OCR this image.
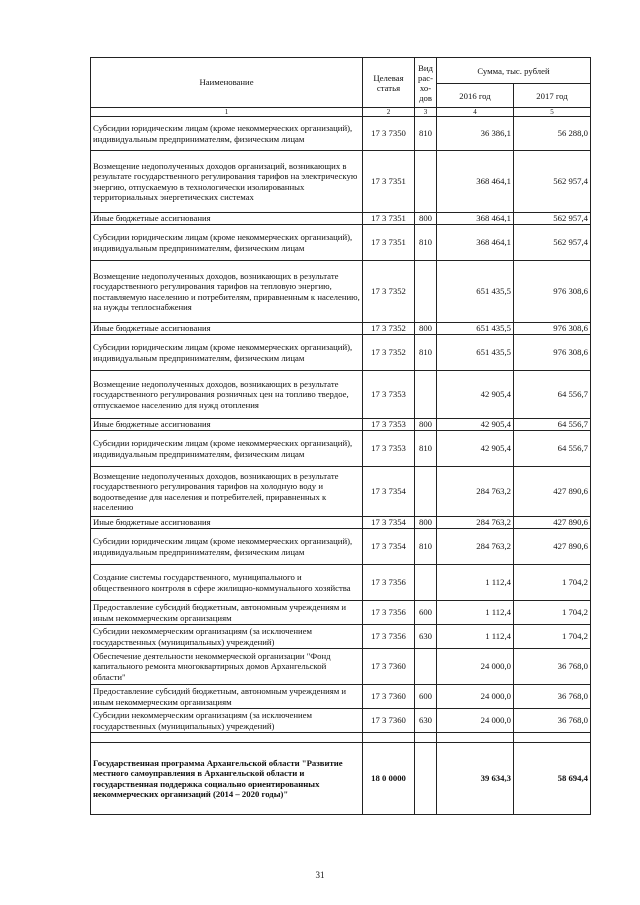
Наименование	Целевая статья	Вид рас-хо-дов	Сумма, тыс. рублей	
			2016 год	2017 год
1	2	3	4	5
Субсидии юридическим лицам (кроме некоммерческих организаций), индивидуальным предпринимателям, физическим лицам	17 3 7350	810	36 386,1	56 288,0
Возмещение недополученных доходов организаций, возникающих в результате государственного регулирования тарифов на электрическую энергию, отпускаемую в технологически изолированных территориальных энергетических системах	17 3 7351		368 464,1	562 957,4
Иные бюджетные ассигнования	17 3 7351	800	368 464,1	562 957,4
Субсидии юридическим лицам (кроме некоммерческих организаций), индивидуальным предпринимателям, физическим лицам	17 3 7351	810	368 464,1	562 957,4
Возмещение недополученных доходов, возникающих в результате государственного регулирования тарифов на тепловую энергию, поставляемую населению и потребителям, приравненным к населению, на нужды теплоснабжения	17 3 7352		651 435,5	976 308,6
Иные бюджетные ассигнования	17 3 7352	800	651 435,5	976 308,6
Субсидии юридическим лицам (кроме некоммерческих организаций), индивидуальным предпринимателям, физическим лицам	17 3 7352	810	651 435,5	976 308,6
Возмещение недополученных доходов, возникающих в результате государственного регулирования розничных цен на топливо твердое, отпускаемое населению для нужд отопления	17 3 7353		42 905,4	64 556,7
Иные бюджетные ассигнования	17 3 7353	800	42 905,4	64 556,7
Субсидии юридическим лицам (кроме некоммерческих организаций), индивидуальным предпринимателям, физическим лицам	17 3 7353	810	42 905,4	64 556,7
Возмещение недополученных доходов, возникающих в результате государственного регулирования тарифов на холодную воду и водоотведение для населения и потребителей, приравненных к населению	17 3 7354		284 763,2	427 890,6
Иные бюджетные ассигнования	17 3 7354	800	284 763,2	427 890,6
Субсидии юридическим лицам (кроме некоммерческих организаций), индивидуальным предпринимателям, физическим лицам	17 3 7354	810	284 763,2	427 890,6
Создание системы государственного, муниципального и общественного контроля в сфере жилищно-коммунального хозяйства	17 3 7356		1 112,4	1 704,2
Предоставление субсидий бюджетным, автономным учреждениям и иным некоммерческим организациям	17 3 7356	600	1 112,4	1 704,2
Субсидии некоммерческим организациям (за исключением государственных (муниципальных) учреждений)	17 3 7356	630	1 112,4	1 704,2
Обеспечение деятельности некоммерческой организации "Фонд капитального ремонта многоквартирных домов Архангельской области"	17 3 7360		24 000,0	36 768,0
Предоставление субсидий бюджетным, автономным учреждениям и иным некоммерческим организациям	17 3 7360	600	24 000,0	36 768,0
Субсидии некоммерческим организациям (за исключением государственных (муниципальных) учреждений)	17 3 7360	630	24 000,0	36 768,0

Государственная программа Архангельской области "Развитие местного самоуправления в Архангельской области и государственная поддержка социально ориентированных некоммерческих организаций (2014 – 2020 годы)"	18 0 0000		39 634,3	58 694,4
31
